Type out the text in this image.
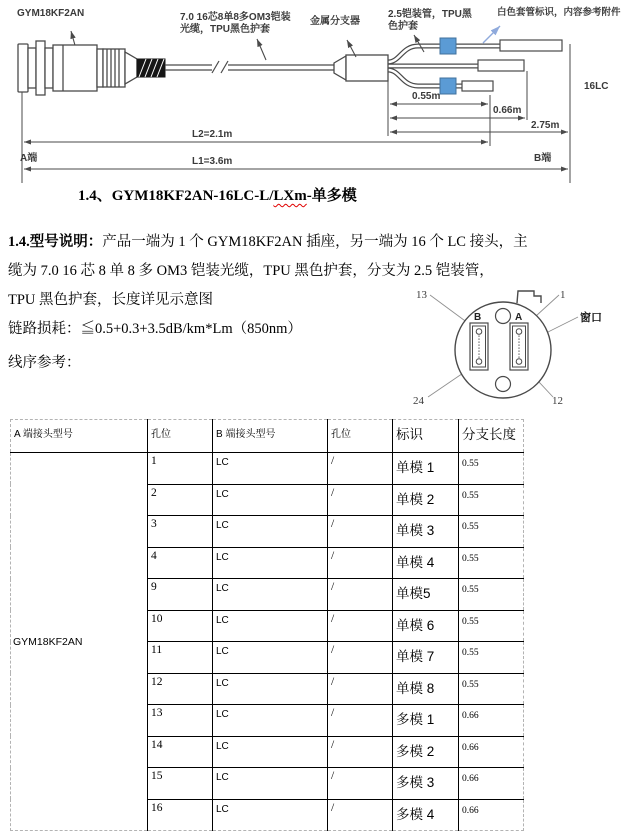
GYM18KF2AN	7.0 16芯8单8多OM3铠装
光缆，TPU黑色护套
金属分支器
2.5铠装管，TPU黑
色护套
白色套管标识，内容参考附件
16LC
0.55m
0.66m
2.75m
L2=2.1m
L1=3.6m
A端	B端
1.4、GYM18KF2AN-16LC-L/LXm-单多模
1.4.型号说明：产品一端为 1 个 GYM18KF2AN 插座，另一端为 16 个 LC 接头，主
缆为 7.0 16 芯 8 单 8 多 OM3 铠装光缆，TPU 黑色护套，分支为 2.5 铠装管，
TPU 黑色护套，长度详见示意图
链路损耗：≦0.5+0.3+3.5dB/km*Lm（850nm）
线序参考：
B	A
13	1
24	12
窗口
A 端接头型号	孔位	B 端接头型号	孔位	标识	分支长度
GYM18KF2AN	1	LC	/	单模 1	0.55
	2	LC	/	单模 2	0.55
	3	LC	/	单模 3	0.55
	4	LC	/	单模 4	0.55
	9	LC	/	单模5	0.55
	10	LC	/	单模 6	0.55
	11	LC	/	单模 7	0.55
	12	LC	/	单模 8	0.55
	13	LC	/	多模 1	0.66
	14	LC	/	多模 2	0.66
	15	LC	/	多模 3	0.66
	16	LC	/	多模 4	0.66
